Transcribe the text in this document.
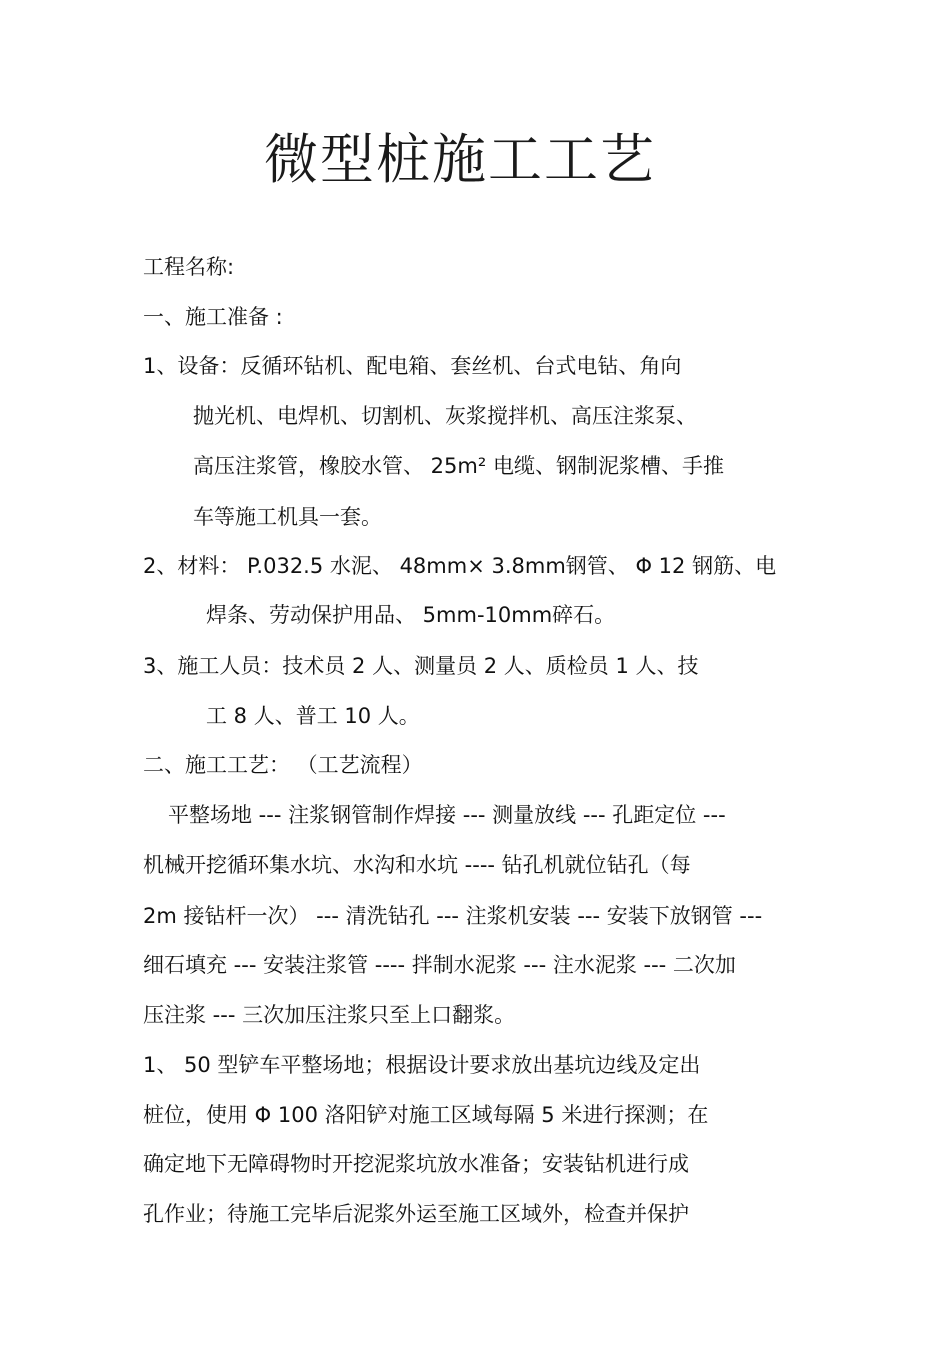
微型桩施工工艺
工程名称:
一、施工准备 :
1、设备：反循环钻机、配电箱、套丝机、台式电钻、角向
抛光机、电焊机、切割机、灰浆搅拌机、高压注浆泵、
高压注浆管，橡胶水管、 25m² 电缆、钢制泥浆槽、手推
车等施工机具一套。
2、材料： P.032.5 水泥、 48mm× 3.8mm钢管、 Φ 12 钢筋、电
焊条、劳动保护用品、 5mm-10mm碎石。
3、施工人员：技术员 2 人、测量员 2 人、质检员 1 人、技
工 8 人、普工 10 人。
二、施工工艺： （工艺流程）
平整场地 --- 注浆钢管制作焊接 --- 测量放线 --- 孔距定位 ---
机械开挖循环集水坑、水沟和水坑 ---- 钻孔机就位钻孔（每
2m 接钻杆一次） --- 清洗钻孔 --- 注浆机安装 --- 安装下放钢管 ---
细石填充 --- 安装注浆管 ---- 拌制水泥浆 --- 注水泥浆 --- 二次加
压注浆 --- 三次加压注浆只至上口翻浆。
1、 50 型铲车平整场地；根据设计要求放出基坑边线及定出
桩位，使用 Φ 100 洛阳铲对施工区域每隔 5 米进行探测；在
确定地下无障碍物时开挖泥浆坑放水准备；安装钻机进行成
孔作业；待施工完毕后泥浆外运至施工区域外，检查并保护
